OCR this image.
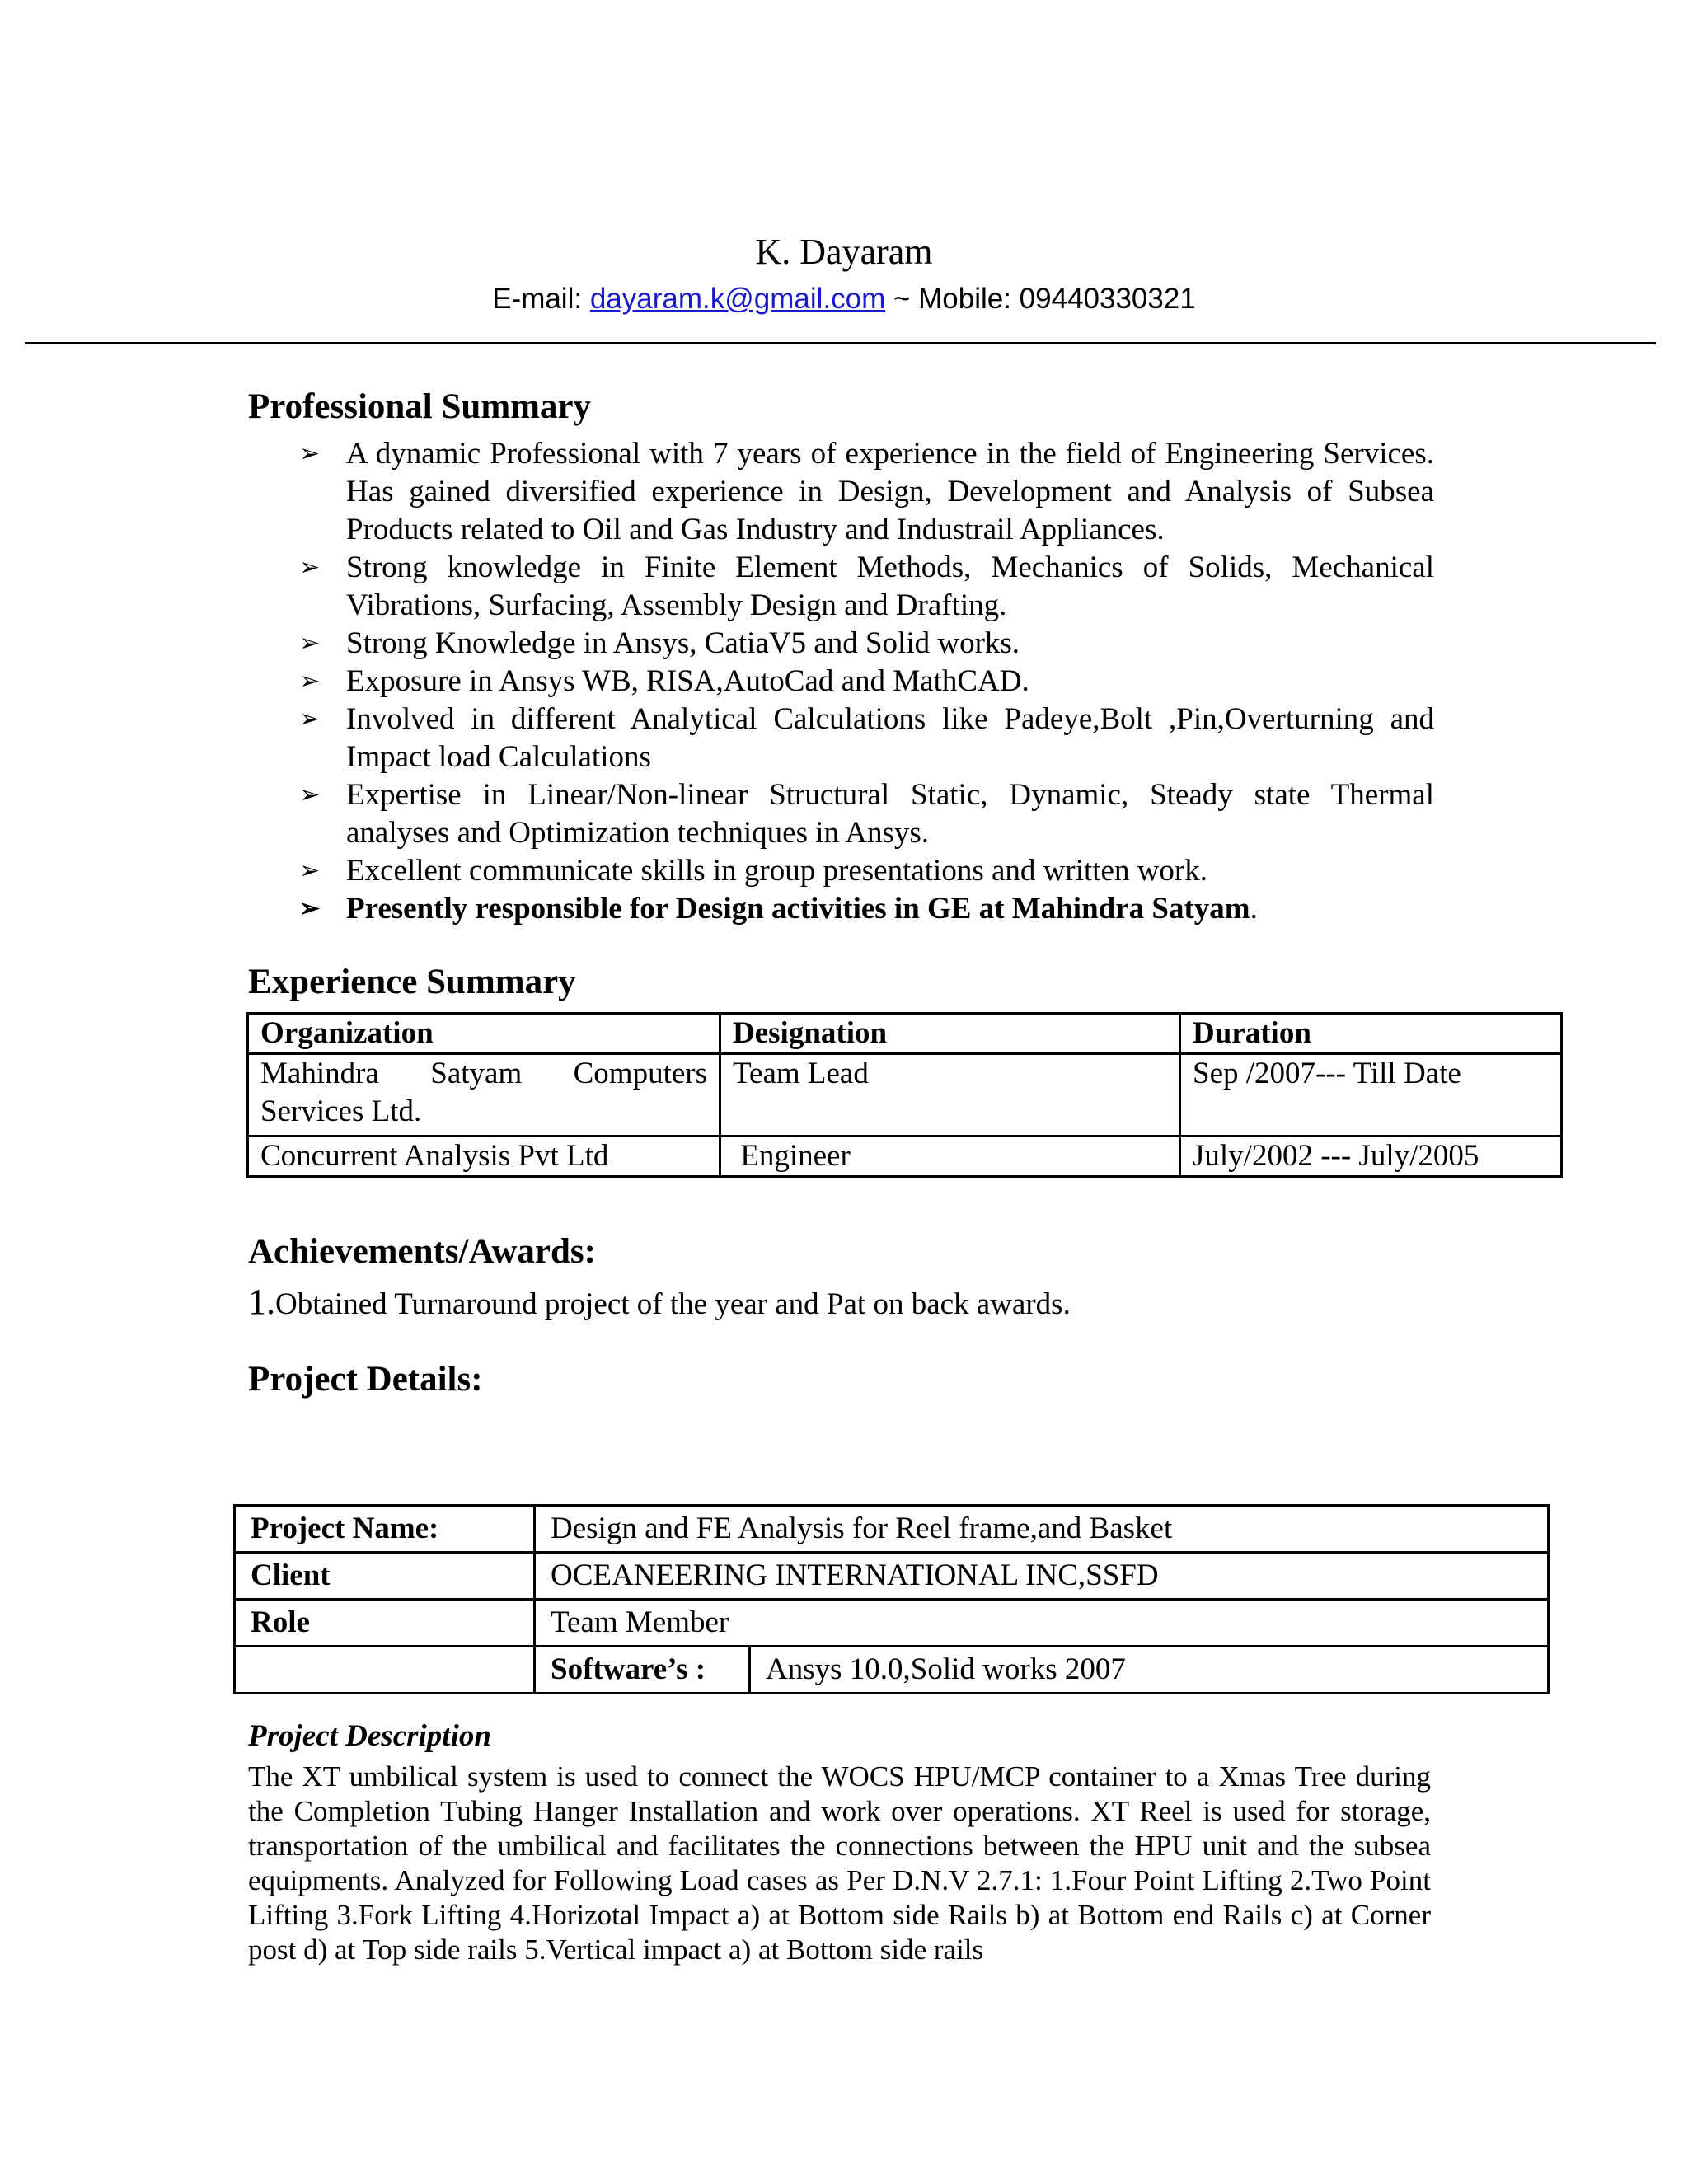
K. Dayaram
E-mail: dayaram.k@gmail.com ~ Mobile: 09440330321
Professional Summary
➢ A dynamic Professional with 7 years of experience in the field of Engineering Services. Has gained diversified experience in Design, Development and Analysis of Subsea Products related to Oil and Gas Industry and Industrail Appliances.
➢ Strong knowledge in Finite Element Methods, Mechanics of Solids, Mechanical Vibrations, Surfacing, Assembly Design and Drafting.
➢ Strong Knowledge in Ansys, CatiaV5 and Solid works.
➢ Exposure in Ansys WB, RISA,AutoCad and MathCAD.
➢ Involved in different Analytical Calculations like Padeye,Bolt ,Pin,Overturning and Impact load Calculations
➢ Expertise in Linear/Non-linear Structural Static, Dynamic, Steady state Thermal analyses and Optimization techniques in Ansys.
➢ Excellent communicate skills in group presentations and written work.
➢ Presently responsible for Design activities in GE at Mahindra Satyam.
Experience Summary
Organization	Designation	Duration

Mahindra Satyam Computers
Services Ltd.	Team Lead	Sep /2007--- Till Date
Concurrent Analysis Pvt Ltd	Engineer	July/2002 --- July/2005
Achievements/Awards:
1.Obtained Turnaround project of the year and Pat on back awards.
Project Details:
Project Name:	Design and FE Analysis for Reel frame,and Basket	
Client	OCEANEERING INTERNATIONAL INC,SSFD	
Role	Team Member	
	Software’s :	Ansys 10.0,Solid works 2007
Project Description

The XT umbilical system is used to connect the WOCS HPU/MCP container to a Xmas Tree during the Completion Tubing Hanger Installation and work over operations. XT Reel is used for storage, transportation of the umbilical and facilitates the connections between the HPU unit and the subsea equipments. Analyzed for Following Load cases as Per D.N.V 2.7.1: 1.Four Point Lifting 2.Two Point Lifting 3.Fork Lifting 4.Horizotal Impact a) at Bottom side Rails b) at Bottom end Rails c) at Corner post d) at Top side rails 5.Vertical impact a) at Bottom side rails
